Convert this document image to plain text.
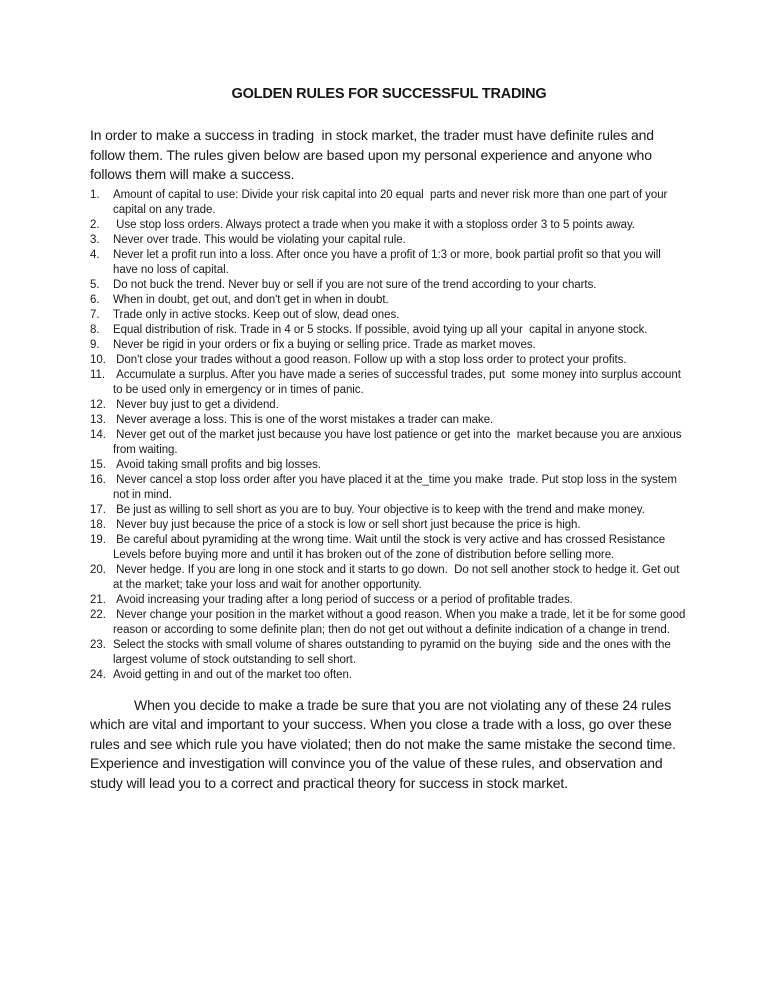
GOLDEN RULES FOR SUCCESSFUL TRADING

In order to make a success in trading  in stock market, the trader must have definite rules and follow them. The rules given below are based upon my personal experience and anyone who follows them will make a success.

1.	Amount of capital to use: Divide your risk capital into 20 equal  parts and never risk more than one part of your capital on any trade.
2.	Use stop loss orders. Always protect a trade when you make it with a stoploss order 3 to 5 points away.
3.	Never over trade. This would be violating your capital rule.
4.	Never let a profit run into a loss. After once you have a profit of 1:3 or more, book partial profit so that you will have no loss of capital.
5.	Do not buck the trend. Never buy or sell if you are not sure of the trend according to your charts.
6.	When in doubt, get out, and don't get in when in doubt.
7.	Trade only in active stocks. Keep out of slow, dead ones.
8.	Equal distribution of risk. Trade in 4 or 5 stocks. If possible, avoid tying up all your  capital in anyone stock.
9.	Never be rigid in your orders or fix a buying or selling price. Trade as market moves.
10. Don't close your trades without a good reason. Follow up with a stop loss order to protect your profits.
11. Accumulate a surplus. After you have made a series of successful trades, put  some money into surplus account to be used only in emergency or in times of panic.
12. Never buy just to get a dividend.
13. Never average a loss. This is one of the worst mistakes a trader can make.
14. Never get out of the market just because you have lost patience or get into the  market because you are anxious from waiting.
15. Avoid taking small profits and big losses.
16. Never cancel a stop loss order after you have placed it at the_time you make  trade. Put stop loss in the system not in mind.
17. Be just as willing to sell short as you are to buy. Your objective is to keep with the trend and make money.
18. Never buy just because the price of a stock is low or sell short just because the price is high.
19. Be careful about pyramiding at the wrong time. Wait until the stock is very active and has crossed Resistance Levels before buying more and until it has broken out of the zone of distribution before selling more.
20. Never hedge. If you are long in one stock and it starts to go down.  Do not sell another stock to hedge it. Get out at the market; take your loss and wait for another opportunity.
21. Avoid increasing your trading after a long period of success or a period of profitable trades.
22. Never change your position in the market without a good reason. When you make a trade, let it be for some good reason or according to some definite plan; then do not get out without a definite indication of a change in trend.
23. Select the stocks with small volume of shares outstanding to pyramid on the buying  side and the ones with the largest volume of stock outstanding to sell short.
24. Avoid getting in and out of the market too often.

When you decide to make a trade be sure that you are not violating any of these 24 rules which are vital and important to your success. When you close a trade with a loss, go over these rules and see which rule you have violated; then do not make the same mistake the second time. Experience and investigation will convince you of the value of these rules, and observation and study will lead you to a correct and practical theory for success in stock market.
